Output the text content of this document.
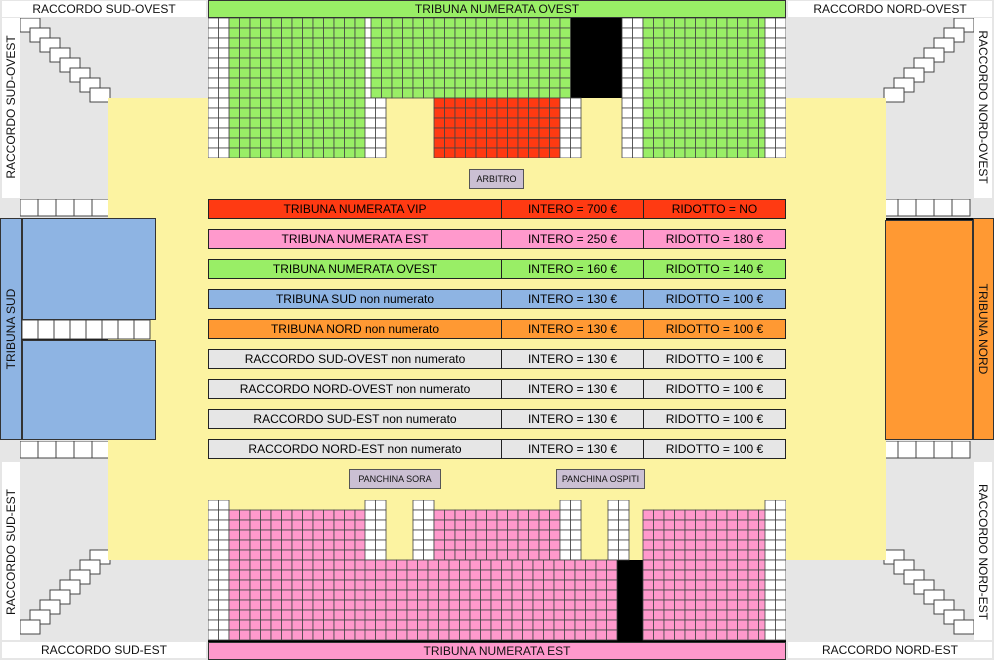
RACCORDO SUD-OVEST	RACCORDO NORD-OVEST
RACCORDO SUD-EST	RACCORDO NORD-EST
RACCORDO SUD-OVEST	RACCORDO NORD-OVEST
RACCORDO SUD-EST	RACCORDO NORD-EST
TRIBUNA NUMERATA OVEST
TRIBUNA NUMERATA EST
TRIBUNA SUD	TRIBUNA NORD
ARBITRO
PANCHINA SORA	PANCHINA OSPITI
TRIBUNA NUMERATA VIP	INTERO = 700 €	RIDOTTO = NO
TRIBUNA NUMERATA EST	INTERO = 250 €	RIDOTTO = 180 €
TRIBUNA NUMERATA OVEST	INTERO = 160 €	RIDOTTO = 140 €
TRIBUNA SUD non numerato	INTERO = 130 €	RIDOTTO = 100 €
TRIBUNA NORD non numerato	INTERO = 130 €	RIDOTTO = 100 €
RACCORDO SUD-OVEST non numerato	INTERO = 130 €	RIDOTTO = 100 €
RACCORDO NORD-OVEST non numerato	INTERO = 130 €	RIDOTTO = 100 €
RACCORDO SUD-EST non numerato	INTERO = 130 €	RIDOTTO = 100 €
RACCORDO NORD-EST non numerato	INTERO = 130 €	RIDOTTO = 100 €
